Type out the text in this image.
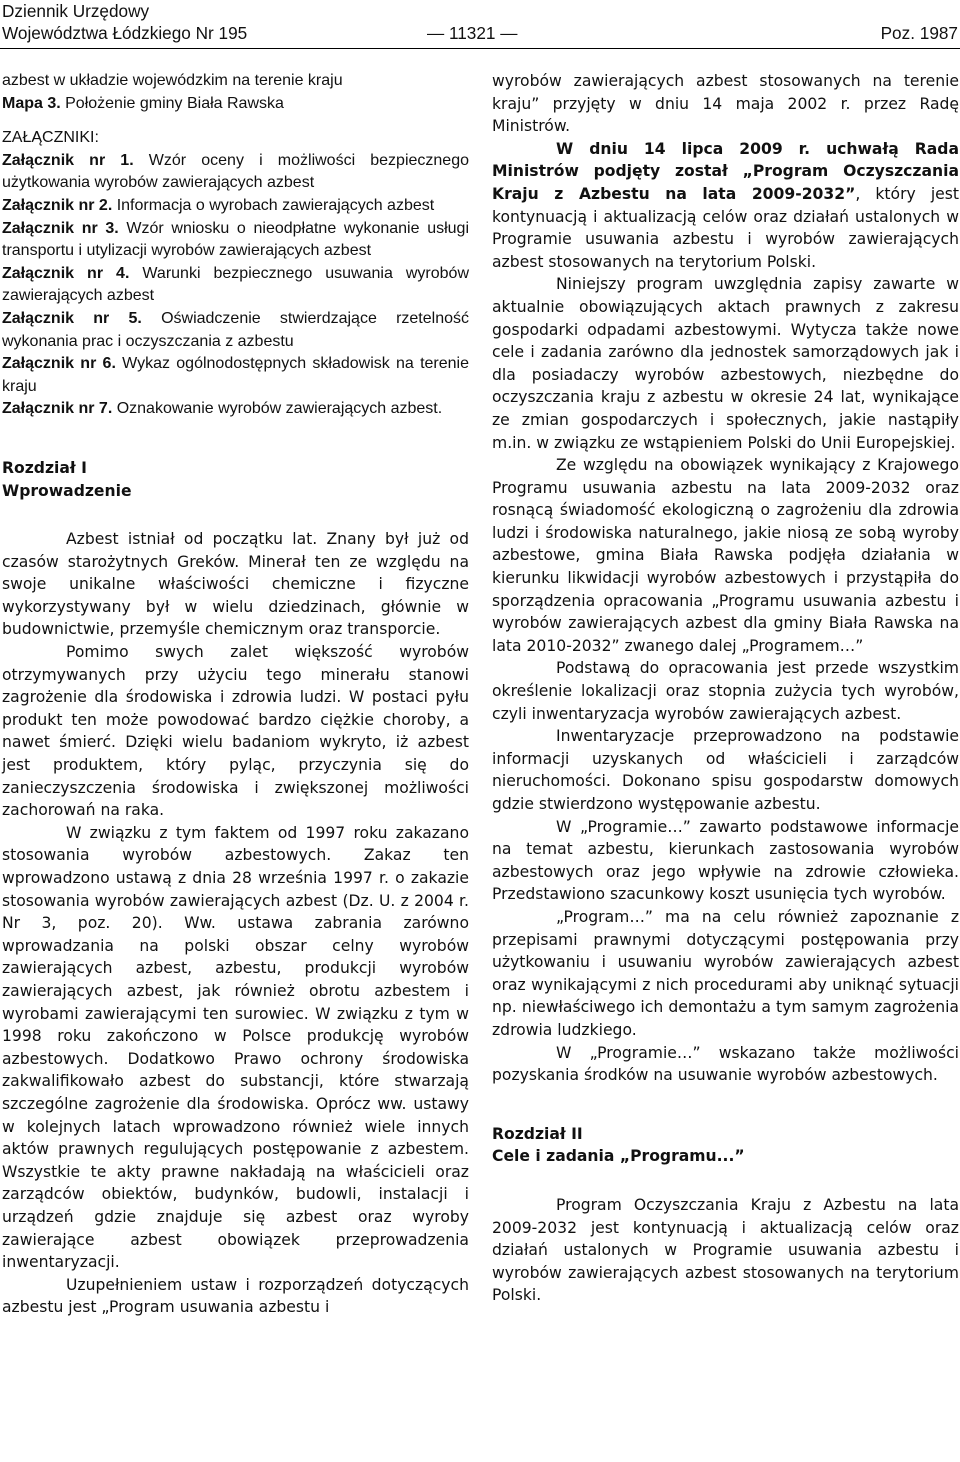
Dziennik Urzędowy
Województwa Łódzkiego Nr 195	Poz. 1987
— 11321 —

azbest w układzie wojewódzkim na terenie kraju

Mapa 3. Położenie gminy Biała Rawska

ZAŁĄCZNIKI:

Załącznik nr 1. Wzór oceny i możliwości bezpiecznego użytkowania wyrobów zawierających azbest

Załącznik nr 2. Informacja o wyrobach zawierających azbest

Załącznik nr 3. Wzór wniosku o nieodpłatne wykonanie usługi transportu i utylizacji wyrobów zawierających azbest

Załącznik nr 4. Warunki bezpiecznego usuwania wyrobów zawierających azbest

Załącznik nr 5. Oświadczenie stwierdzające rzetelność wykonania prac i oczyszczania z azbestu

Załącznik nr 6. Wykaz ogólnodostępnych składowisk na terenie kraju

Załącznik nr 7. Oznakowanie wyrobów zawierających azbest.

Rozdział I

Wprowadzenie

Azbest istniał od początku lat. Znany był już od czasów starożytnych Greków. Minerał ten ze względu na swoje unikalne właściwości chemiczne i fizyczne wykorzystywany był w wielu dziedzinach, głównie w budownictwie, przemyśle chemicznym oraz transporcie.

Pomimo swych zalet większość wyrobów otrzymywanych przy użyciu tego minerału stanowi zagrożenie dla środowiska i zdrowia ludzi. W postaci pyłu produkt ten może powodować bardzo ciężkie choroby, a nawet śmierć. Dzięki wielu badaniom wykryto, iż azbest jest produktem, który pyląc, przyczynia się do zanieczyszczenia środowiska i zwiększonej możliwości zachorowań na raka.

W związku z tym faktem od 1997 roku zakazano stosowania wyrobów azbestowych. Zakaz ten wprowadzono ustawą z dnia 28 września 1997 r. o zakazie stosowania wyrobów zawierających azbest (Dz. U. z 2004 r. Nr 3, poz. 20). Ww. ustawa zabrania zarówno wprowadzania na polski obszar celny wyrobów zawierających azbest, azbestu, produkcji wyrobów zawierających azbest, jak również obrotu azbestem i wyrobami zawierającymi ten surowiec. W związku z tym w 1998 roku zakończono w Polsce produkcję wyrobów azbestowych. Dodatkowo Prawo ochrony środowiska zakwalifikowało azbest do substancji, które stwarzają szczególne zagrożenie dla środowiska. Oprócz ww. ustawy w kolejnych latach wprowadzono również wiele innych aktów prawnych regulujących postępowanie z azbestem. Wszystkie te akty prawne nakładają na właścicieli oraz zarządców obiektów, budynków, budowli, instalacji i urządzeń gdzie znajduje się azbest oraz wyroby zawierające azbest obowiązek przeprowadzenia inwentaryzacji.

Uzupełnieniem ustaw i rozporządzeń dotyczących azbestu jest „Program usuwania azbestu i

wyrobów zawierających azbest stosowanych na terenie kraju” przyjęty w dniu 14 maja 2002 r. przez Radę Ministrów.

W dniu 14 lipca 2009 r. uchwałą Rada Ministrów podjęty został „Program Oczyszczania Kraju z Azbestu na lata 2009-2032”, który jest kontynuacją i aktualizacją celów oraz działań ustalonych w Programie usuwania azbestu i wyrobów zawierających azbest stosowanych na terytorium Polski.

Niniejszy program uwzględnia zapisy zawarte w aktualnie obowiązujących aktach prawnych z zakresu gospodarki odpadami azbestowymi. Wytycza także nowe cele i zadania zarówno dla jednostek samorządowych jak i dla posiadaczy wyrobów azbestowych, niezbędne do oczyszczania kraju z azbestu w okresie 24 lat, wynikające ze zmian gospodarczych i społecznych, jakie nastąpiły m.in. w związku ze wstąpieniem Polski do Unii Europejskiej.

Ze względu na obowiązek wynikający z Krajowego Programu usuwania azbestu na lata 2009-2032 oraz rosnącą świadomość ekologiczną o zagrożeniu dla zdrowia ludzi i środowiska naturalnego, jakie niosą ze sobą wyroby azbestowe, gmina Biała Rawska podjęła działania w kierunku likwidacji wyrobów azbestowych i przystąpiła do sporządzenia opracowania „Programu usuwania azbestu i wyrobów zawierających azbest dla gminy Biała Rawska na lata 2010-2032” zwanego dalej „Programem…”

Podstawą do opracowania jest przede wszystkim określenie lokalizacji oraz stopnia zużycia tych wyrobów, czyli inwentaryzacja wyrobów zawierających azbest.

Inwentaryzacje przeprowadzono na podstawie informacji uzyskanych od właścicieli i zarządców nieruchomości. Dokonano spisu gospodarstw domowych gdzie stwierdzono występowanie azbestu.

W „Programie…” zawarto podstawowe informacje na temat azbestu, kierunkach zastosowania wyrobów azbestowych oraz jego wpływie na zdrowie człowieka. Przedstawiono szacunkowy koszt usunięcia tych wyrobów.

„Program…” ma na celu również zapoznanie z przepisami prawnymi dotyczącymi postępowania przy użytkowaniu i usuwaniu wyrobów zawierających azbest oraz wynikającymi z nich procedurami aby uniknąć sytuacji np. niewłaściwego ich demontażu a tym samym zagrożenia zdrowia ludzkiego.

W „Programie…” wskazano także możliwości pozyskania środków na usuwanie wyrobów azbestowych.

Rozdział II

Cele i zadania „Programu...”

Program Oczyszczania Kraju z Azbestu na lata 2009-2032 jest kontynuacją i aktualizacją celów oraz działań ustalonych w Programie usuwania azbestu i wyrobów zawierających azbest stosowanych na terytorium Polski.
